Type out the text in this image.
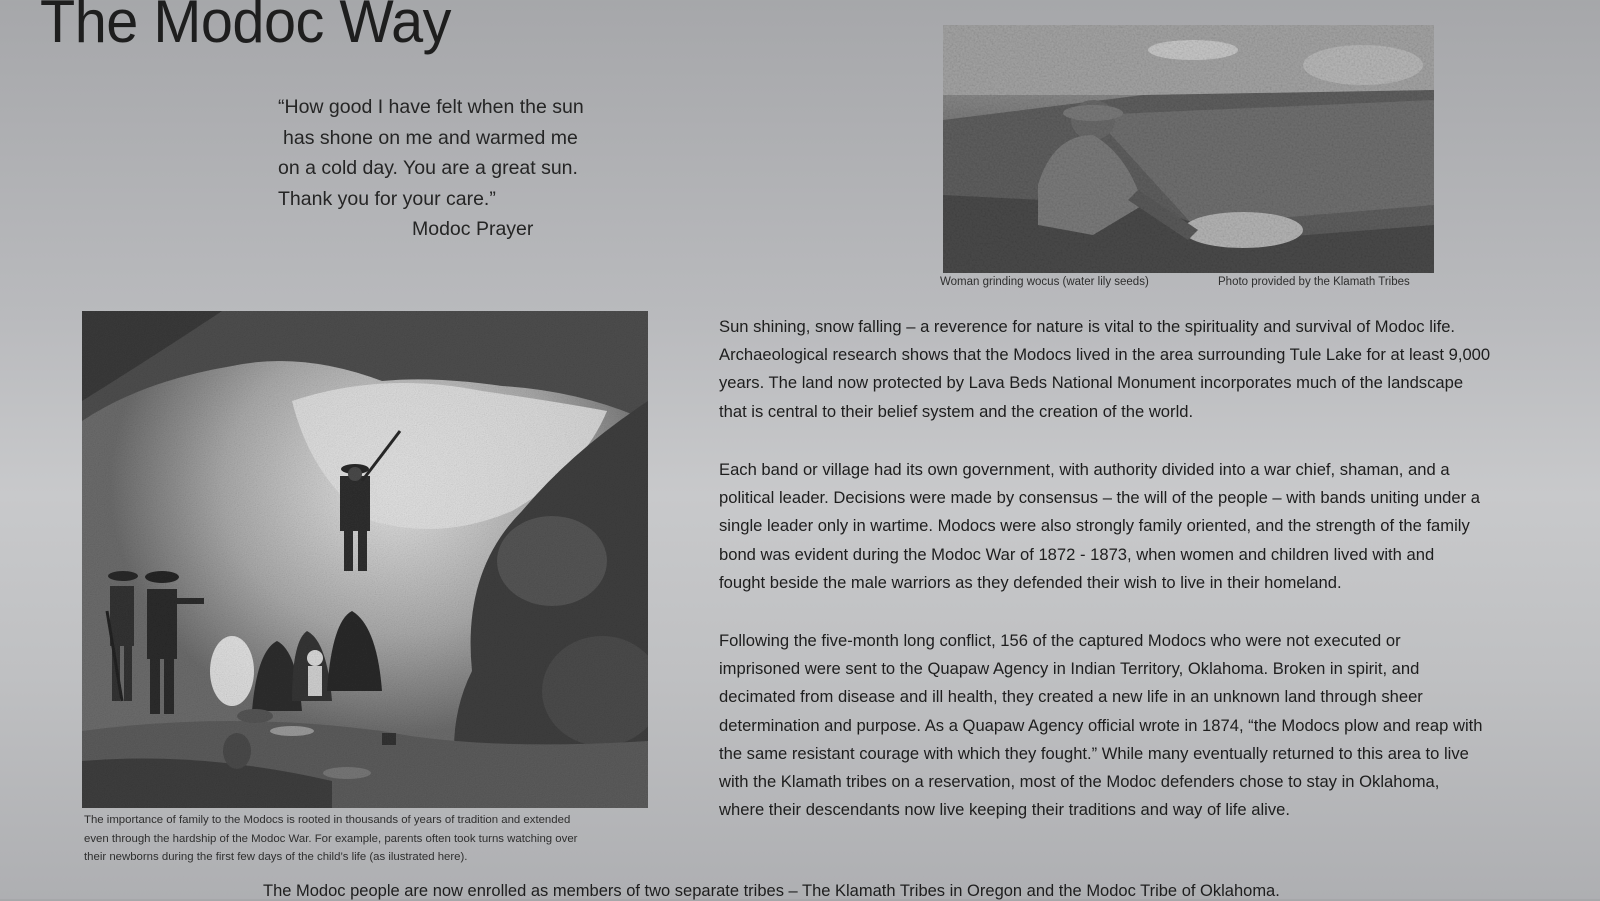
The Modoc Way
“How good I have felt when the sun
has shone on me and warmed me
on a cold day. You are a great sun.
Thank you for your care.”
Modoc Prayer
Woman grinding wocus (water lily seeds)	Photo provided by the Klamath Tribes
The importance of family to the Modocs is rooted in thousands of years of tradition and extended
even through the hardship of the Modoc War. For example, parents often took turns watching over
their newborns during the first few days of the child’s life (as ilustrated here).
Sun shining, snow falling – a reverence for nature is vital to the spirituality and survival of Modoc life.
Archaeological research shows that the Modocs lived in the area surrounding Tule Lake for at least 9,000
years. The land now protected by Lava Beds National Monument incorporates much of the landscape
that is central to their belief system and the creation of the world.
Each band or village had its own government, with authority divided into a war chief, shaman, and a
political leader. Decisions were made by consensus – the will of the people – with bands uniting under a
single leader only in wartime. Modocs were also strongly family oriented, and the strength of the family
bond was evident during the Modoc War of 1872 - 1873, when women and children lived with and
fought beside the male warriors as they defended their wish to live in their homeland.
Following the five-month long conflict, 156 of the captured Modocs who were not executed or
imprisoned were sent to the Quapaw Agency in Indian Territory, Oklahoma. Broken in spirit, and
decimated from disease and ill health, they created a new life in an unknown land through sheer
determination and purpose. As a Quapaw Agency official wrote in 1874, “the Modocs plow and reap with
the same resistant courage with which they fought.” While many eventually returned to this area to live
with the Klamath tribes on a reservation, most of the Modoc defenders chose to stay in Oklahoma,
where their descendants now live keeping their traditions and way of life alive.
The Modoc people are now enrolled as members of two separate tribes – The Klamath Tribes in Oregon and the Modoc Tribe of Oklahoma.
